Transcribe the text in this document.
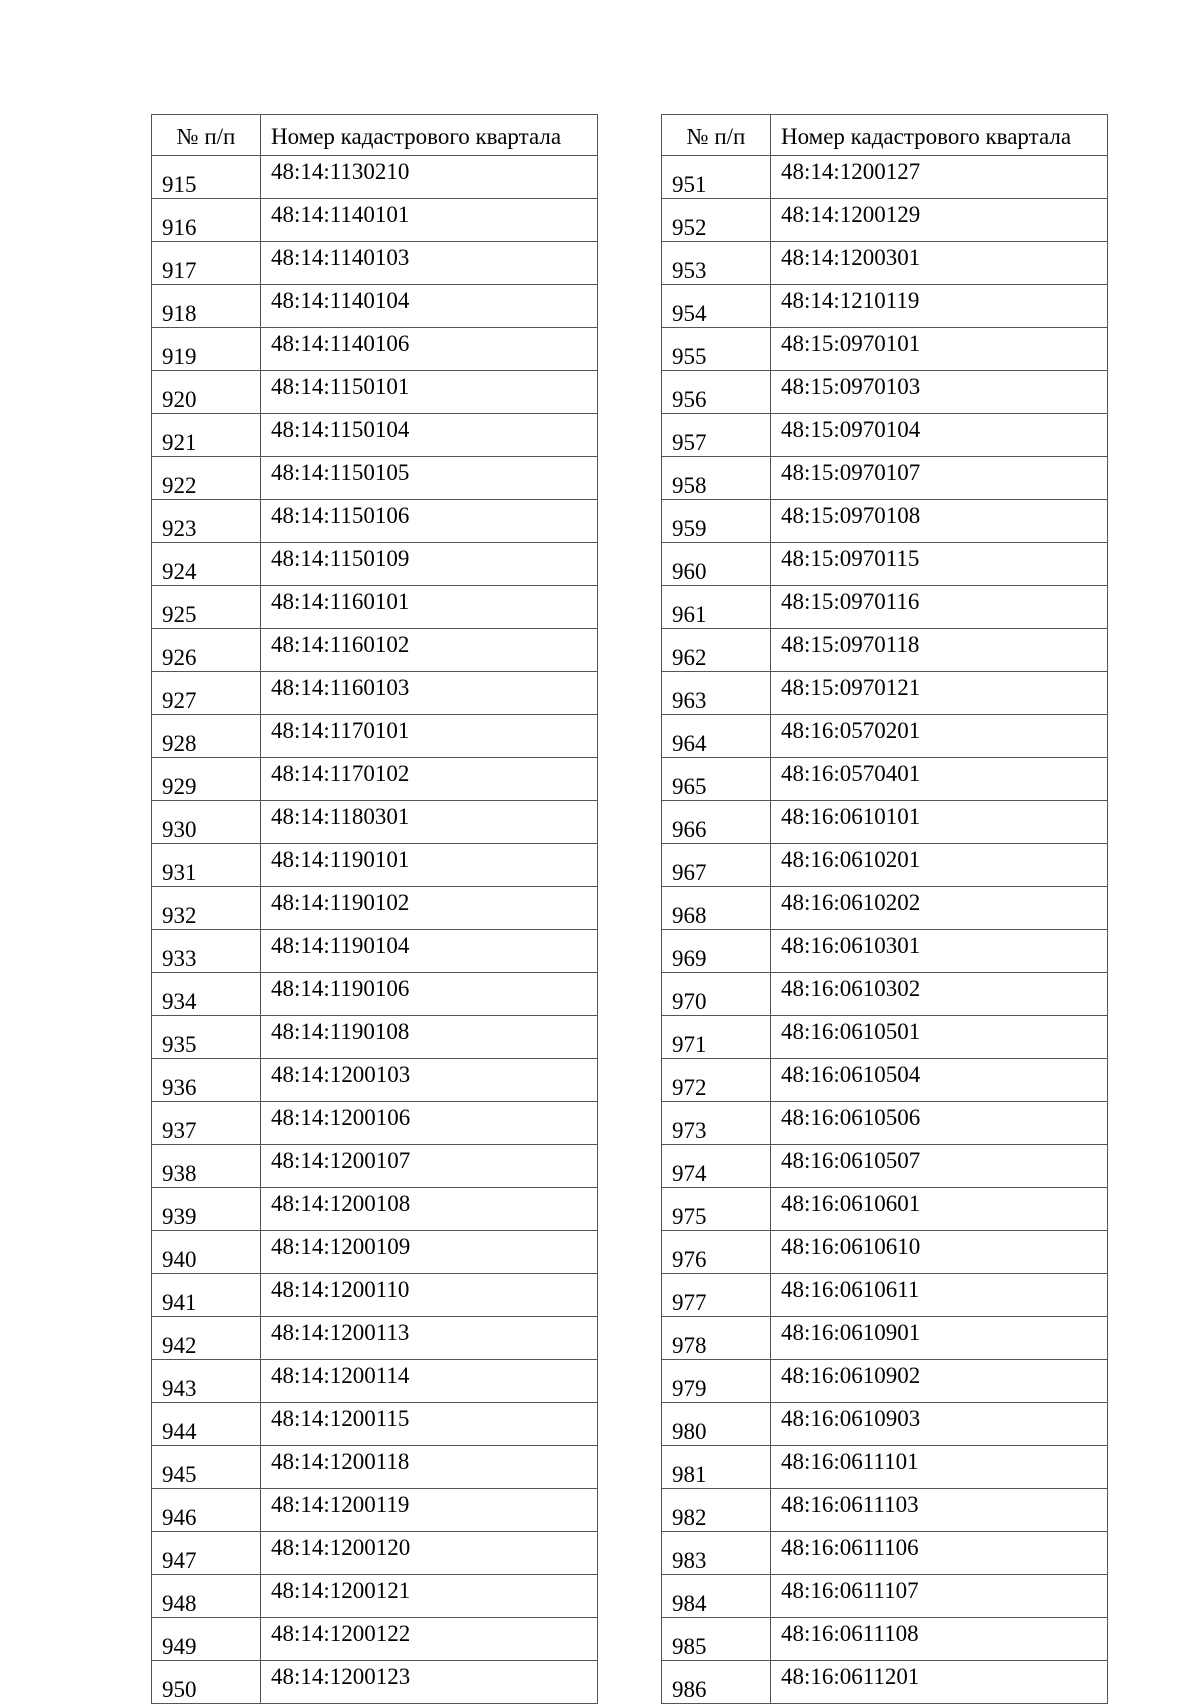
№ п/п	Номер кадастрового квартала
915	48:14:1130210
916	48:14:1140101
917	48:14:1140103
918	48:14:1140104
919	48:14:1140106
920	48:14:1150101
921	48:14:1150104
922	48:14:1150105
923	48:14:1150106
924	48:14:1150109
925	48:14:1160101
926	48:14:1160102
927	48:14:1160103
928	48:14:1170101
929	48:14:1170102
930	48:14:1180301
931	48:14:1190101
932	48:14:1190102
933	48:14:1190104
934	48:14:1190106
935	48:14:1190108
936	48:14:1200103
937	48:14:1200106
938	48:14:1200107
939	48:14:1200108
940	48:14:1200109
941	48:14:1200110
942	48:14:1200113
943	48:14:1200114
944	48:14:1200115
945	48:14:1200118
946	48:14:1200119
947	48:14:1200120
948	48:14:1200121
949	48:14:1200122
950	48:14:1200123
№ п/п	Номер кадастрового квартала
951	48:14:1200127
952	48:14:1200129
953	48:14:1200301
954	48:14:1210119
955	48:15:0970101
956	48:15:0970103
957	48:15:0970104
958	48:15:0970107
959	48:15:0970108
960	48:15:0970115
961	48:15:0970116
962	48:15:0970118
963	48:15:0970121
964	48:16:0570201
965	48:16:0570401
966	48:16:0610101
967	48:16:0610201
968	48:16:0610202
969	48:16:0610301
970	48:16:0610302
971	48:16:0610501
972	48:16:0610504
973	48:16:0610506
974	48:16:0610507
975	48:16:0610601
976	48:16:0610610
977	48:16:0610611
978	48:16:0610901
979	48:16:0610902
980	48:16:0610903
981	48:16:0611101
982	48:16:0611103
983	48:16:0611106
984	48:16:0611107
985	48:16:0611108
986	48:16:0611201
